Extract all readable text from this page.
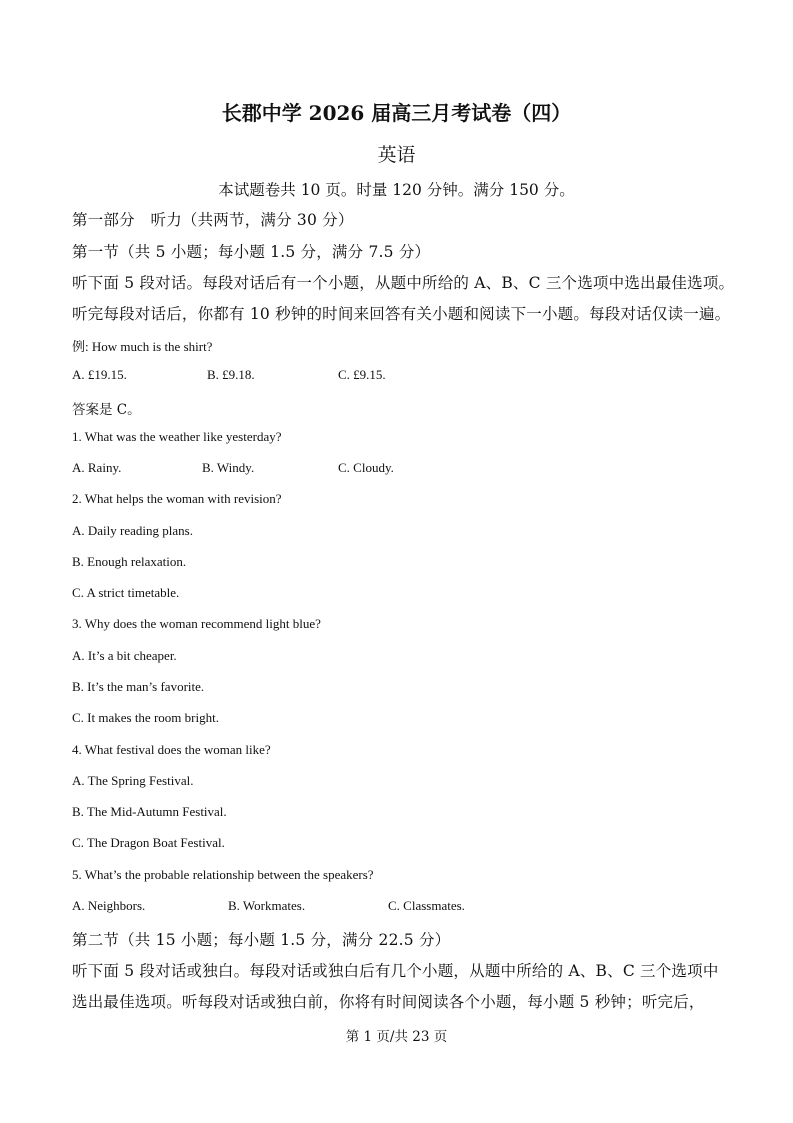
长郡中学 2026 届高三月考试卷（四）
英语
本试题卷共 10 页。时量 120 分钟。满分 150 分。
第一部分　听力（共两节，满分 30 分）
第一节（共 5 小题；每小题 1.5 分，满分 7.5 分）
听下面 5 段对话。每段对话后有一个小题，从题中所给的 A、B、C 三个选项中选出最佳选项。
听完每段对话后，你都有 10 秒钟的时间来回答有关小题和阅读下一小题。每段对话仅读一遍。
例: How much is the shirt?
A. £19.15.	B. £9.18.	C. £9.15.
答案是 C。
1. What was the weather like yesterday?
A. Rainy.	B. Windy.	C. Cloudy.
2. What helps the woman with revision?
A. Daily reading plans.
B. Enough relaxation.
C. A strict timetable.
3. Why does the woman recommend light blue?
A. It’s a bit cheaper.
B. It’s the man’s favorite.
C. It makes the room bright.
4. What festival does the woman like?
A. The Spring Festival.
B. The Mid-Autumn Festival.
C. The Dragon Boat Festival.
5. What’s the probable relationship between the speakers?
A. Neighbors.	B. Workmates.	C. Classmates.
第二节（共 15 小题；每小题 1.5 分，满分 22.5 分）
听下面 5 段对话或独白。每段对话或独白后有几个小题，从题中所给的 A、B、C 三个选项中
选出最佳选项。听每段对话或独白前，你将有时间阅读各个小题，每小题 5 秒钟；听完后，
第 1 页/共 23 页
